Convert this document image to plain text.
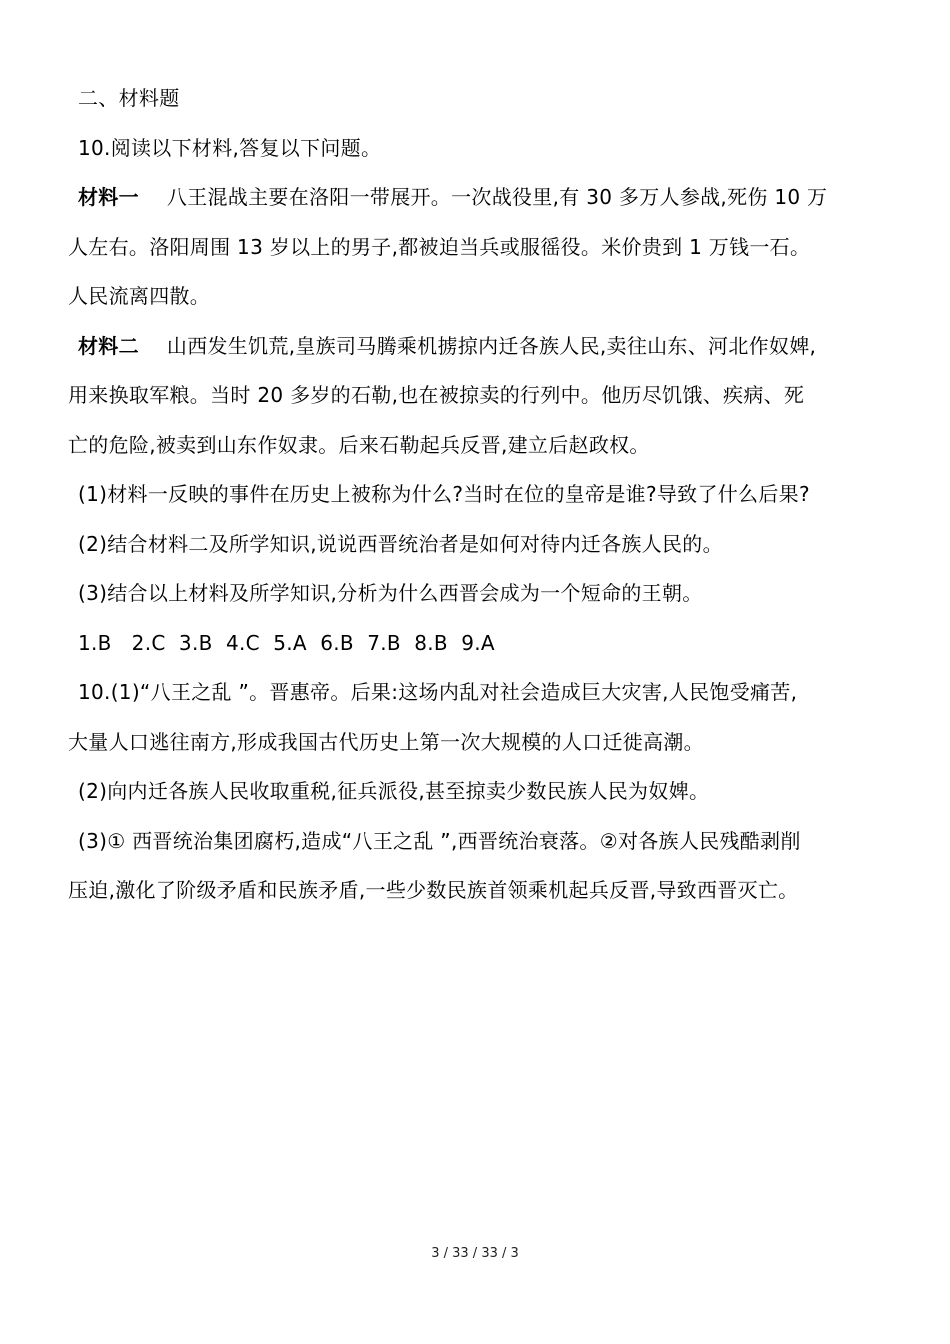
二、材料题
10.阅读以下材料,答复以下问题。
材料一 八王混战主要在洛阳一带展开。一次战役里,有 30 多万人参战,死伤 10 万
人左右。洛阳周围 13 岁以上的男子,都被迫当兵或服徭役。米价贵到 1 万钱一石。
人民流离四散。
材料二 山西发生饥荒,皇族司马腾乘机掳掠内迁各族人民,卖往山东、河北作奴婢,
用来换取军粮。当时 20 多岁的石勒,也在被掠卖的行列中。他历尽饥饿、疾病、死
亡的危险,被卖到山东作奴隶。后来石勒起兵反晋,建立后赵政权。
(1)材料一反映的事件在历史上被称为什么?当时在位的皇帝是谁?导致了什么后果?
(2)结合材料二及所学知识,说说西晋统治者是如何对待内迁各族人民的。
(3)结合以上材料及所学知识,分析为什么西晋会成为一个短命的王朝。
1.B   2.C  3.B  4.C  5.A  6.B  7.B  8.B  9.A
10.(1)“八王之乱 ”。晋惠帝。后果:这场内乱对社会造成巨大灾害,人民饱受痛苦,
大量人口逃往南方,形成我国古代历史上第一次大规模的人口迁徙高潮。
(2)向内迁各族人民收取重税,征兵派役,甚至掠卖少数民族人民为奴婢。
(3)① 西晋统治集团腐朽,造成“八王之乱 ”,西晋统治衰落。②对各族人民残酷剥削
压迫,激化了阶级矛盾和民族矛盾,一些少数民族首领乘机起兵反晋,导致西晋灭亡。
3 / 33 / 33 / 3
